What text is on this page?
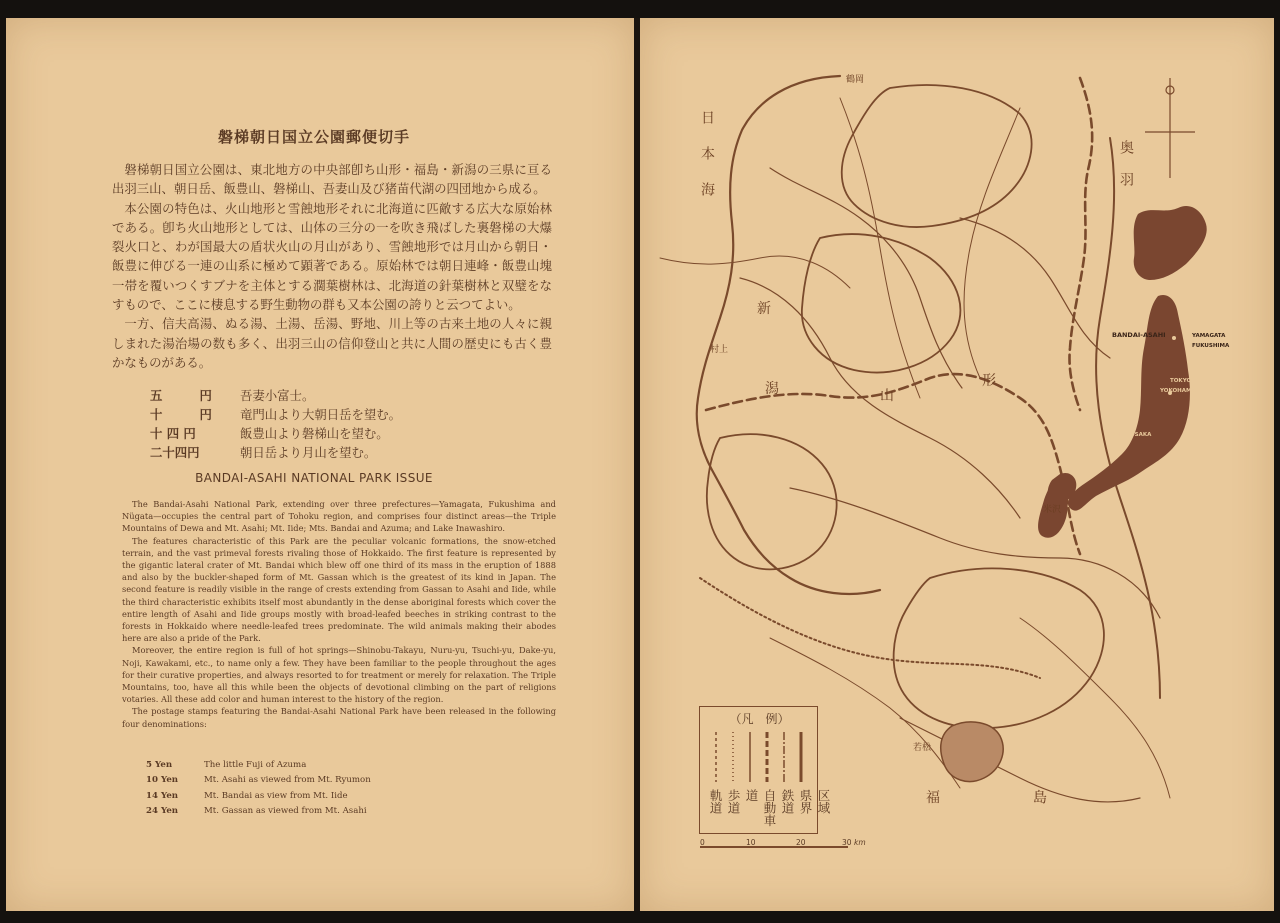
磐梯朝日国立公園郵便切手

磐梯朝日国立公園は、東北地方の中央部卽ち山形・福島・新潟の三県に亘る出羽三山、朝日岳、飯豊山、磐梯山、吾妻山及び猪苗代湖の四団地から成る。

本公園の特色は、火山地形と雪蝕地形それに北海道に匹敵する広大な原始林である。卽ち火山地形としては、山体の三分の一を吹き飛ばした裏磐梯の大爆裂火口と、わが国最大の盾状火山の月山があり、雪蝕地形では月山から朝日・飯豊に伸びる一連の山系に極めて顕著である。原始林では朝日連峰・飯豊山塊一帯を覆いつくすブナを主体とする濶葉樹林は、北海道の針葉樹林と双璧をなすもので、ここに棲息する野生動物の群も又本公園の誇りと云つてよい。

一方、信夫高湯、ぬる湯、土湯、岳湯、野地、川上等の古来土地の人々に親しまれた湯治場の数も多く、出羽三山の信仰登山と共に人間の歴史にも古く豊かなものがある。

五　　　円	吾妻小富士。
十　　　円	竜門山より大朝日岳を望む。
十 四 円	飯豊山より磐梯山を望む。
二十四円	朝日岳より月山を望む。
BANDAI-ASAHI NATIONAL PARK ISSUE

The Bandai-Asahi National Park, extending over three prefectures—Yamagata, Fukushima and Nügata—occupies the central part of Tohoku region, and comprises four distinct areas—the Triple Mountains of Dewa and Mt. Asahi; Mt. Iide; Mts. Bandai and Azuma; and Lake Inawashiro.

The features characteristic of this Park are the peculiar volcanic formations, the snow-etched terrain, and the vast primeval forests rivaling those of Hokkaido. The first feature is represented by the gigantic lateral crater of Mt. Bandai which blew off one third of its mass in the eruption of 1888 and also by the buckler-shaped form of Mt. Gassan which is the greatest of its kind in Japan. The second feature is readily visible in the range of crests extending from Gassan to Asahi and Iide, while the third characteristic exhibits itself most abundantly in the dense aboriginal forests which cover the entire length of Asahi and Iide groups mostly with broad-leafed beeches in striking contrast to the forests in Hokkaido where needle-leafed trees predominate. The wild animals making their abodes here are also a pride of the Park.

Moreover, the entire region is full of hot springs—Shinobu-Takayu, Nuru-yu, Tsuchi-yu, Dake-yu, Noji, Kawakami, etc., to name only a few. They have been familiar to the people throughout the ages for their curative properties, and always resorted to for treatment or merely for relaxation. The Triple Mountains, too, have all this while been the objects of devotional climbing on the part of religions votaries. All these add color and human interest to the history of the region.

The postage stamps featuring the Bandai-Asahi National Park have been released in the following four denominations:

5 Yen	The little Fuji of Azuma
10 Yen	Mt. Asahi as viewed from Mt. Ryumon
14 Yen	Mt. Bandai as view from Mt. Iide
24 Yen	Mt. Gassan as viewed from Mt. Asahi
日本海
新
潟	山
形
福	島
奥羽
鶴岡
米沢
村上
若松
BANDAI-ASAHI	YAMAGATA
FUKUSHIMA
TOKYO
YOKOHAMA
KOBE OSAKA
（凡　例）
軌道 歩道	自動車道	鉄道 県界 区域
0	10	20	30 km
